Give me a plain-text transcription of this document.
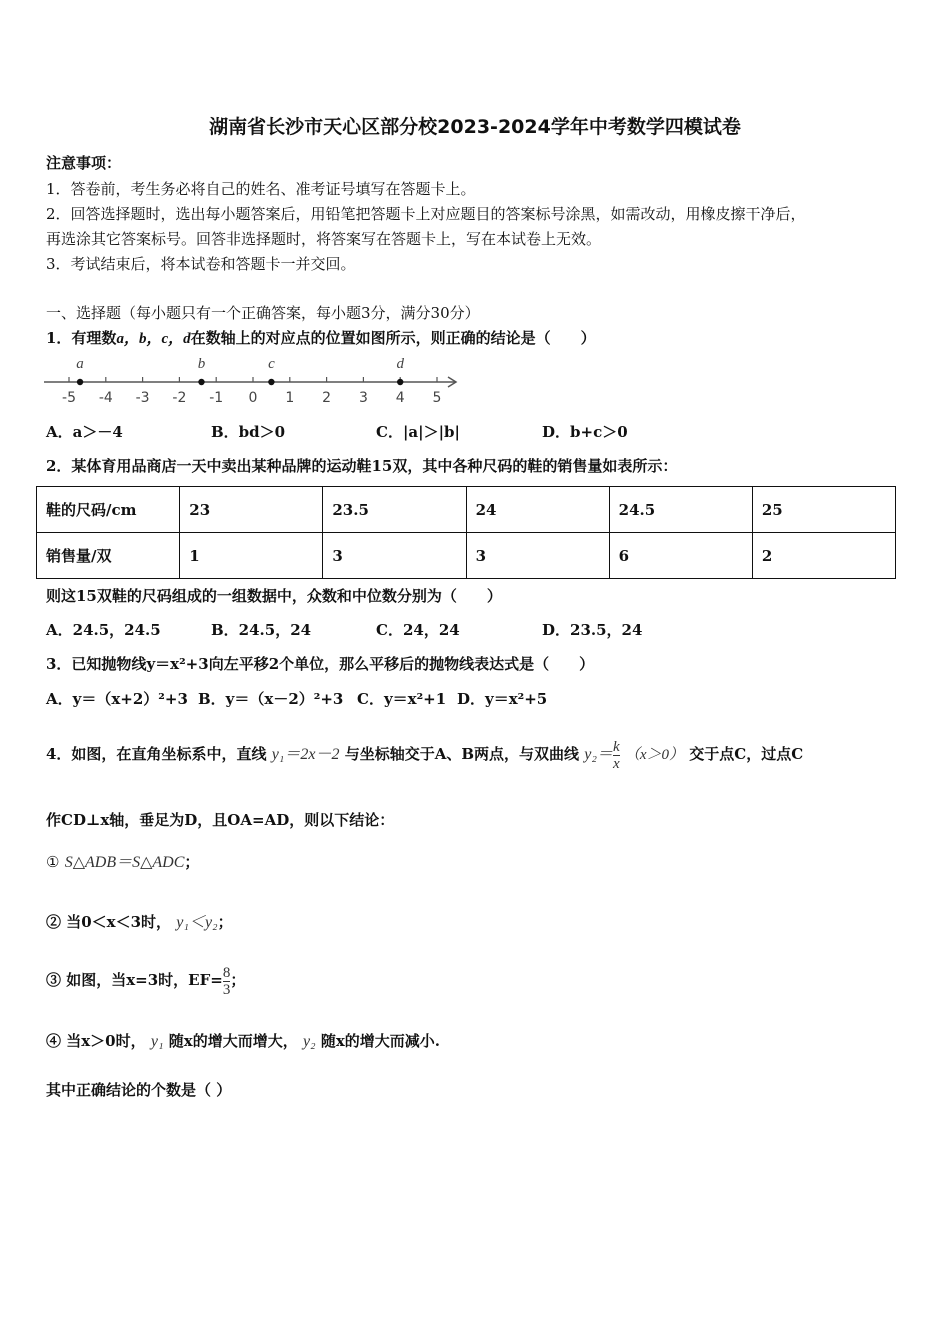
湖南省长沙市天心区部分校2023-2024学年中考数学四模试卷
注意事项：
1．答卷前，考生务必将自己的姓名、准考证号填写在答题卡上。
2．回答选择题时，选出每小题答案后，用铅笔把答题卡上对应题目的答案标号涂黑，如需改动，用橡皮擦干净后，
再选涂其它答案标号。回答非选择题时，将答案写在答题卡上，写在本试卷上无效。
3．考试结束后，将本试卷和答题卡一并交回。
一、选择题（每小题只有一个正确答案，每小题3分，满分30分）
1．有理数a，b，c，d在数轴上的对应点的位置如图所示，则正确的结论是（　　）
-5 -4 -3 -2 -1 0 1 2 3 4 5
a	b	c	d
A．a＞－4	B．bd＞0	C．|a|＞|b|	D．b+c＞0
2．某体育用品商店一天中卖出某种品牌的运动鞋15双，其中各种尺码的鞋的销售量如表所示：
鞋的尺码/cm	23	23.5	24	24.5	25
销售量/双	1	3	3	6	2
则这15双鞋的尺码组成的一组数据中，众数和中位数分别为（　　）
A．24.5，24.5	B．24.5，24	C．24，24	D．23.5，24
3．已知抛物线y＝x²+3向左平移2个单位，那么平移后的抛物线表达式是（　　）
A．y＝（x+2）²+3 B．y＝（x－2）²+3 C．y＝x²+1 D．y＝x²+5
4．如图，在直角坐标系中，直线 y₁＝2x－2 与坐标轴交于A、B两点，与双曲线 $y_2= \frac{k}{x} (x>0)$ 交于点C，过点C
作CD⊥x轴，垂足为D，且OA=AD，则以下结论：
① S△ADB＝S△ADC；
② 当0＜x＜3时， y₁＜y₂；
③ 如图，当x=3时，$EF= \frac{8}{3}$ ；
④ 当x＞0时， y₁ 随x的增大而增大， y₂ 随x的增大而减小.
其中正确结论的个数是（ ）
